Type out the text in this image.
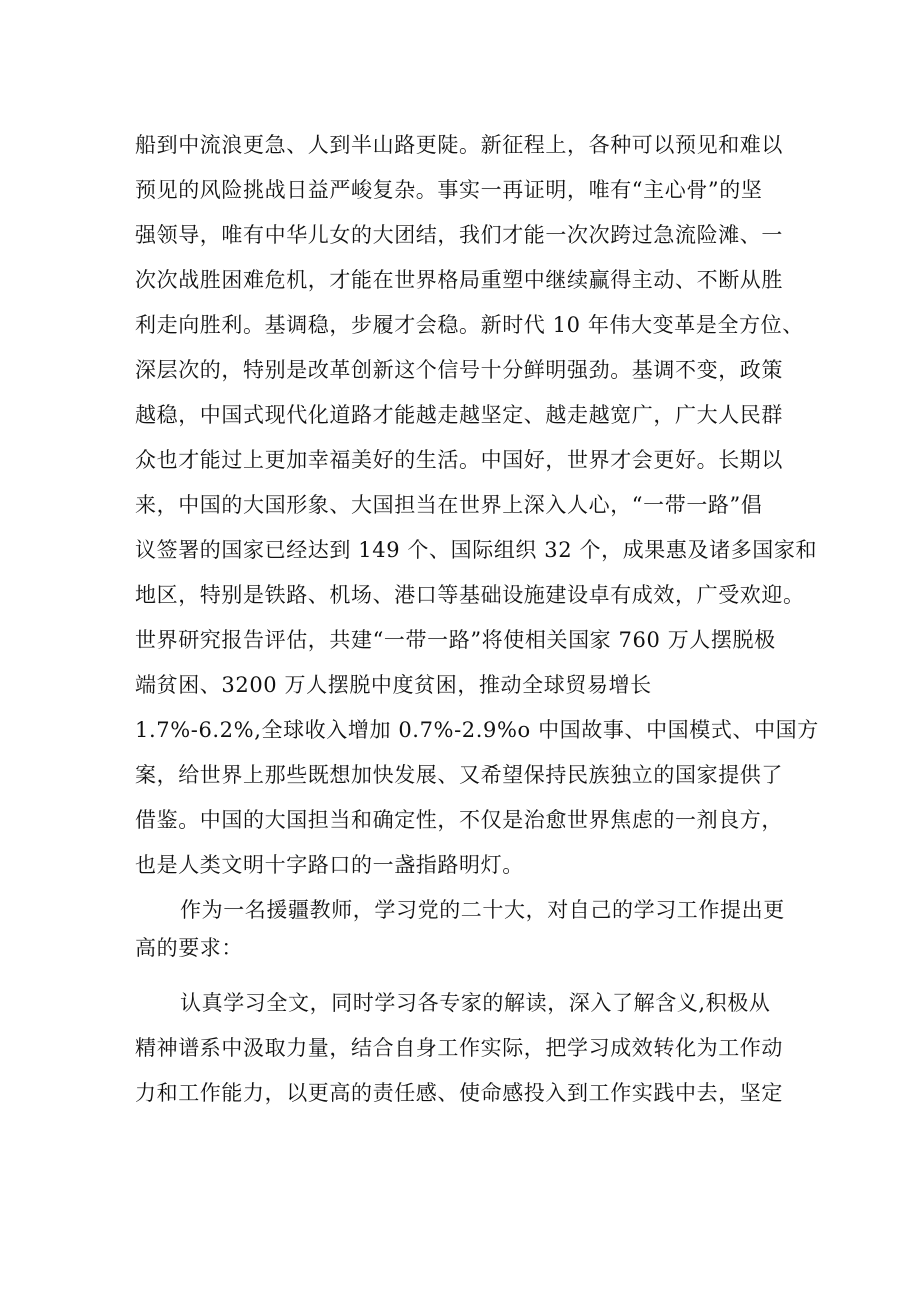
船到中流浪更急、人到半山路更陡。新征程上，各种可以预见和难以
预见的风险挑战日益严峻复杂。事实一再证明，唯有“主心骨”的坚
强领导，唯有中华儿女的大团结，我们才能一次次跨过急流险滩、一
次次战胜困难危机，才能在世界格局重塑中继续赢得主动、不断从胜
利走向胜利。基调稳，步履才会稳。新时代 10 年伟大变革是全方位、
深层次的，特别是改革创新这个信号十分鲜明强劲。基调不变，政策
越稳，中国式现代化道路才能越走越坚定、越走越宽广，广大人民群
众也才能过上更加幸福美好的生活。中国好，世界才会更好。长期以
来，中国的大国形象、大国担当在世界上深入人心，“一带一路”倡
议签署的国家已经达到 149 个、国际组织 32 个，成果惠及诸多国家和
地区，特别是铁路、机场、港口等基础设施建设卓有成效，广受欢迎。
世界研究报告评估，共建“一带一路”将使相关国家 760 万人摆脱极
端贫困、3200 万人摆脱中度贫困，推动全球贸易增长
1.7%-6.2%,全球收入增加 0.7%-2.9%o 中国故事、中国模式、中国方
案，给世界上那些既想加快发展、又希望保持民族独立的国家提供了
借鉴。中国的大国担当和确定性，不仅是治愈世界焦虑的一剂良方，
也是人类文明十字路口的一盏指路明灯。
作为一名援疆教师，学习党的二十大，对自己的学习工作提出更
高的要求：
认真学习全文，同时学习各专家的解读，深入了解含义,积极从
精神谱系中汲取力量，结合自身工作实际，把学习成效转化为工作动
力和工作能力，以更高的责任感、使命感投入到工作实践中去，坚定
